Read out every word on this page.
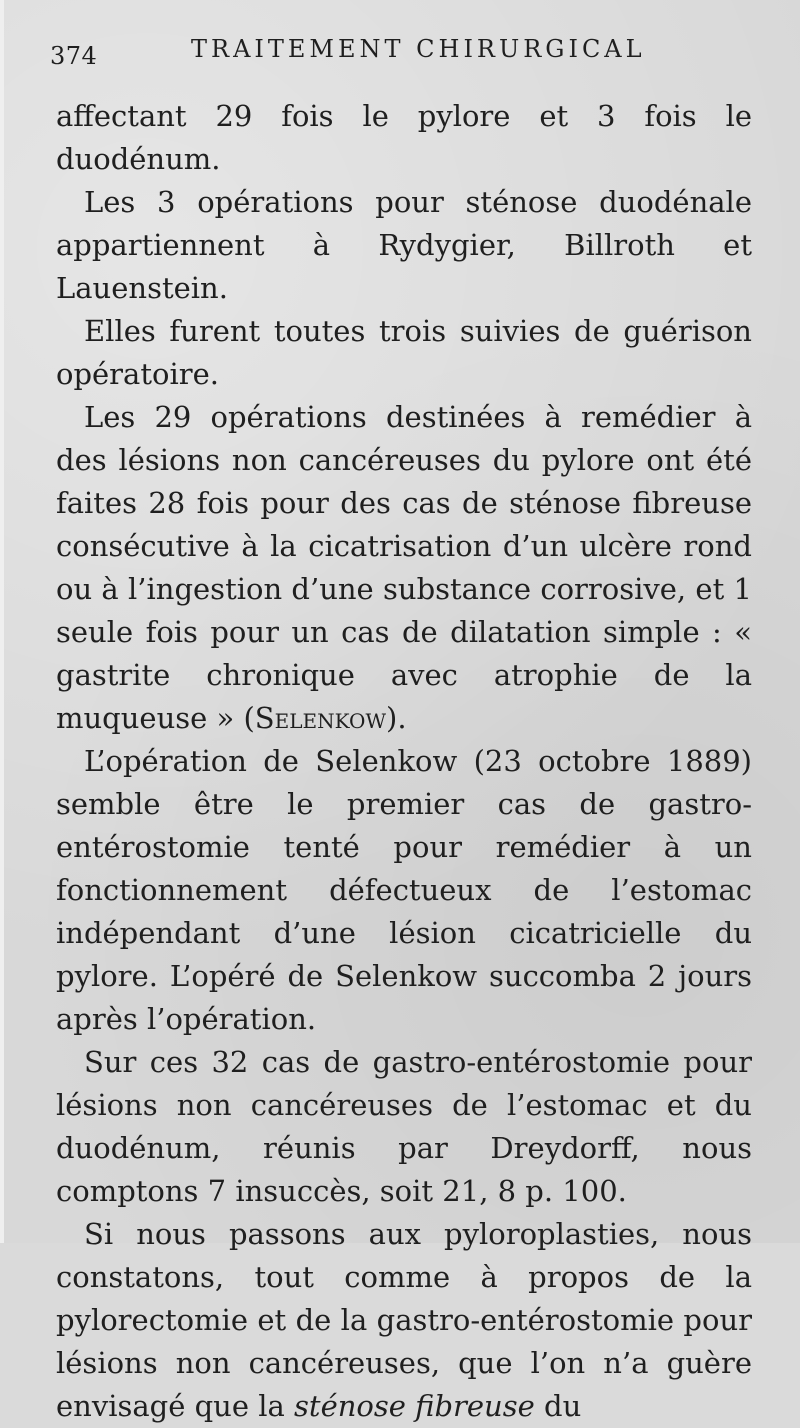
374	TRAITEMENT CHIRURGICAL

affectant 29 fois le pylore et 3 fois le duodénum.

Les 3 opérations pour sténose duodénale appartiennent à Rydygier, Billroth et Lauenstein.

Elles furent toutes trois suivies de guérison opératoire.

Les 29 opérations destinées à remédier à des lésions non cancéreuses du pylore ont été faites 28 fois pour des cas de sténose fibreuse consécutive à la cicatrisation d’un ulcère rond ou à l’ingestion d’une substance corrosive, et 1 seule fois pour un cas de dilatation simple : « gastrite chronique avec atrophie de la muqueuse » (Selenkow).

L’opération de Selenkow (23 octobre 1889) semble être le premier cas de gastro-entérostomie tenté pour remédier à un fonctionnement défectueux de l’estomac indépendant d’une lésion cicatricielle du pylore. L’opéré de Selenkow succomba 2 jours après l’opération.

Sur ces 32 cas de gastro-entérostomie pour lésions non cancéreuses de l’estomac et du duodénum, réunis par Dreydorff, nous comptons 7 insuccès, soit 21, 8 p. 100.

Si nous passons aux pyloroplasties, nous constatons, tout comme à propos de la pylorectomie et de la gastro-entérostomie pour lésions non cancéreuses, que l’on n’a guère envisagé que la sténose fibreuse du
